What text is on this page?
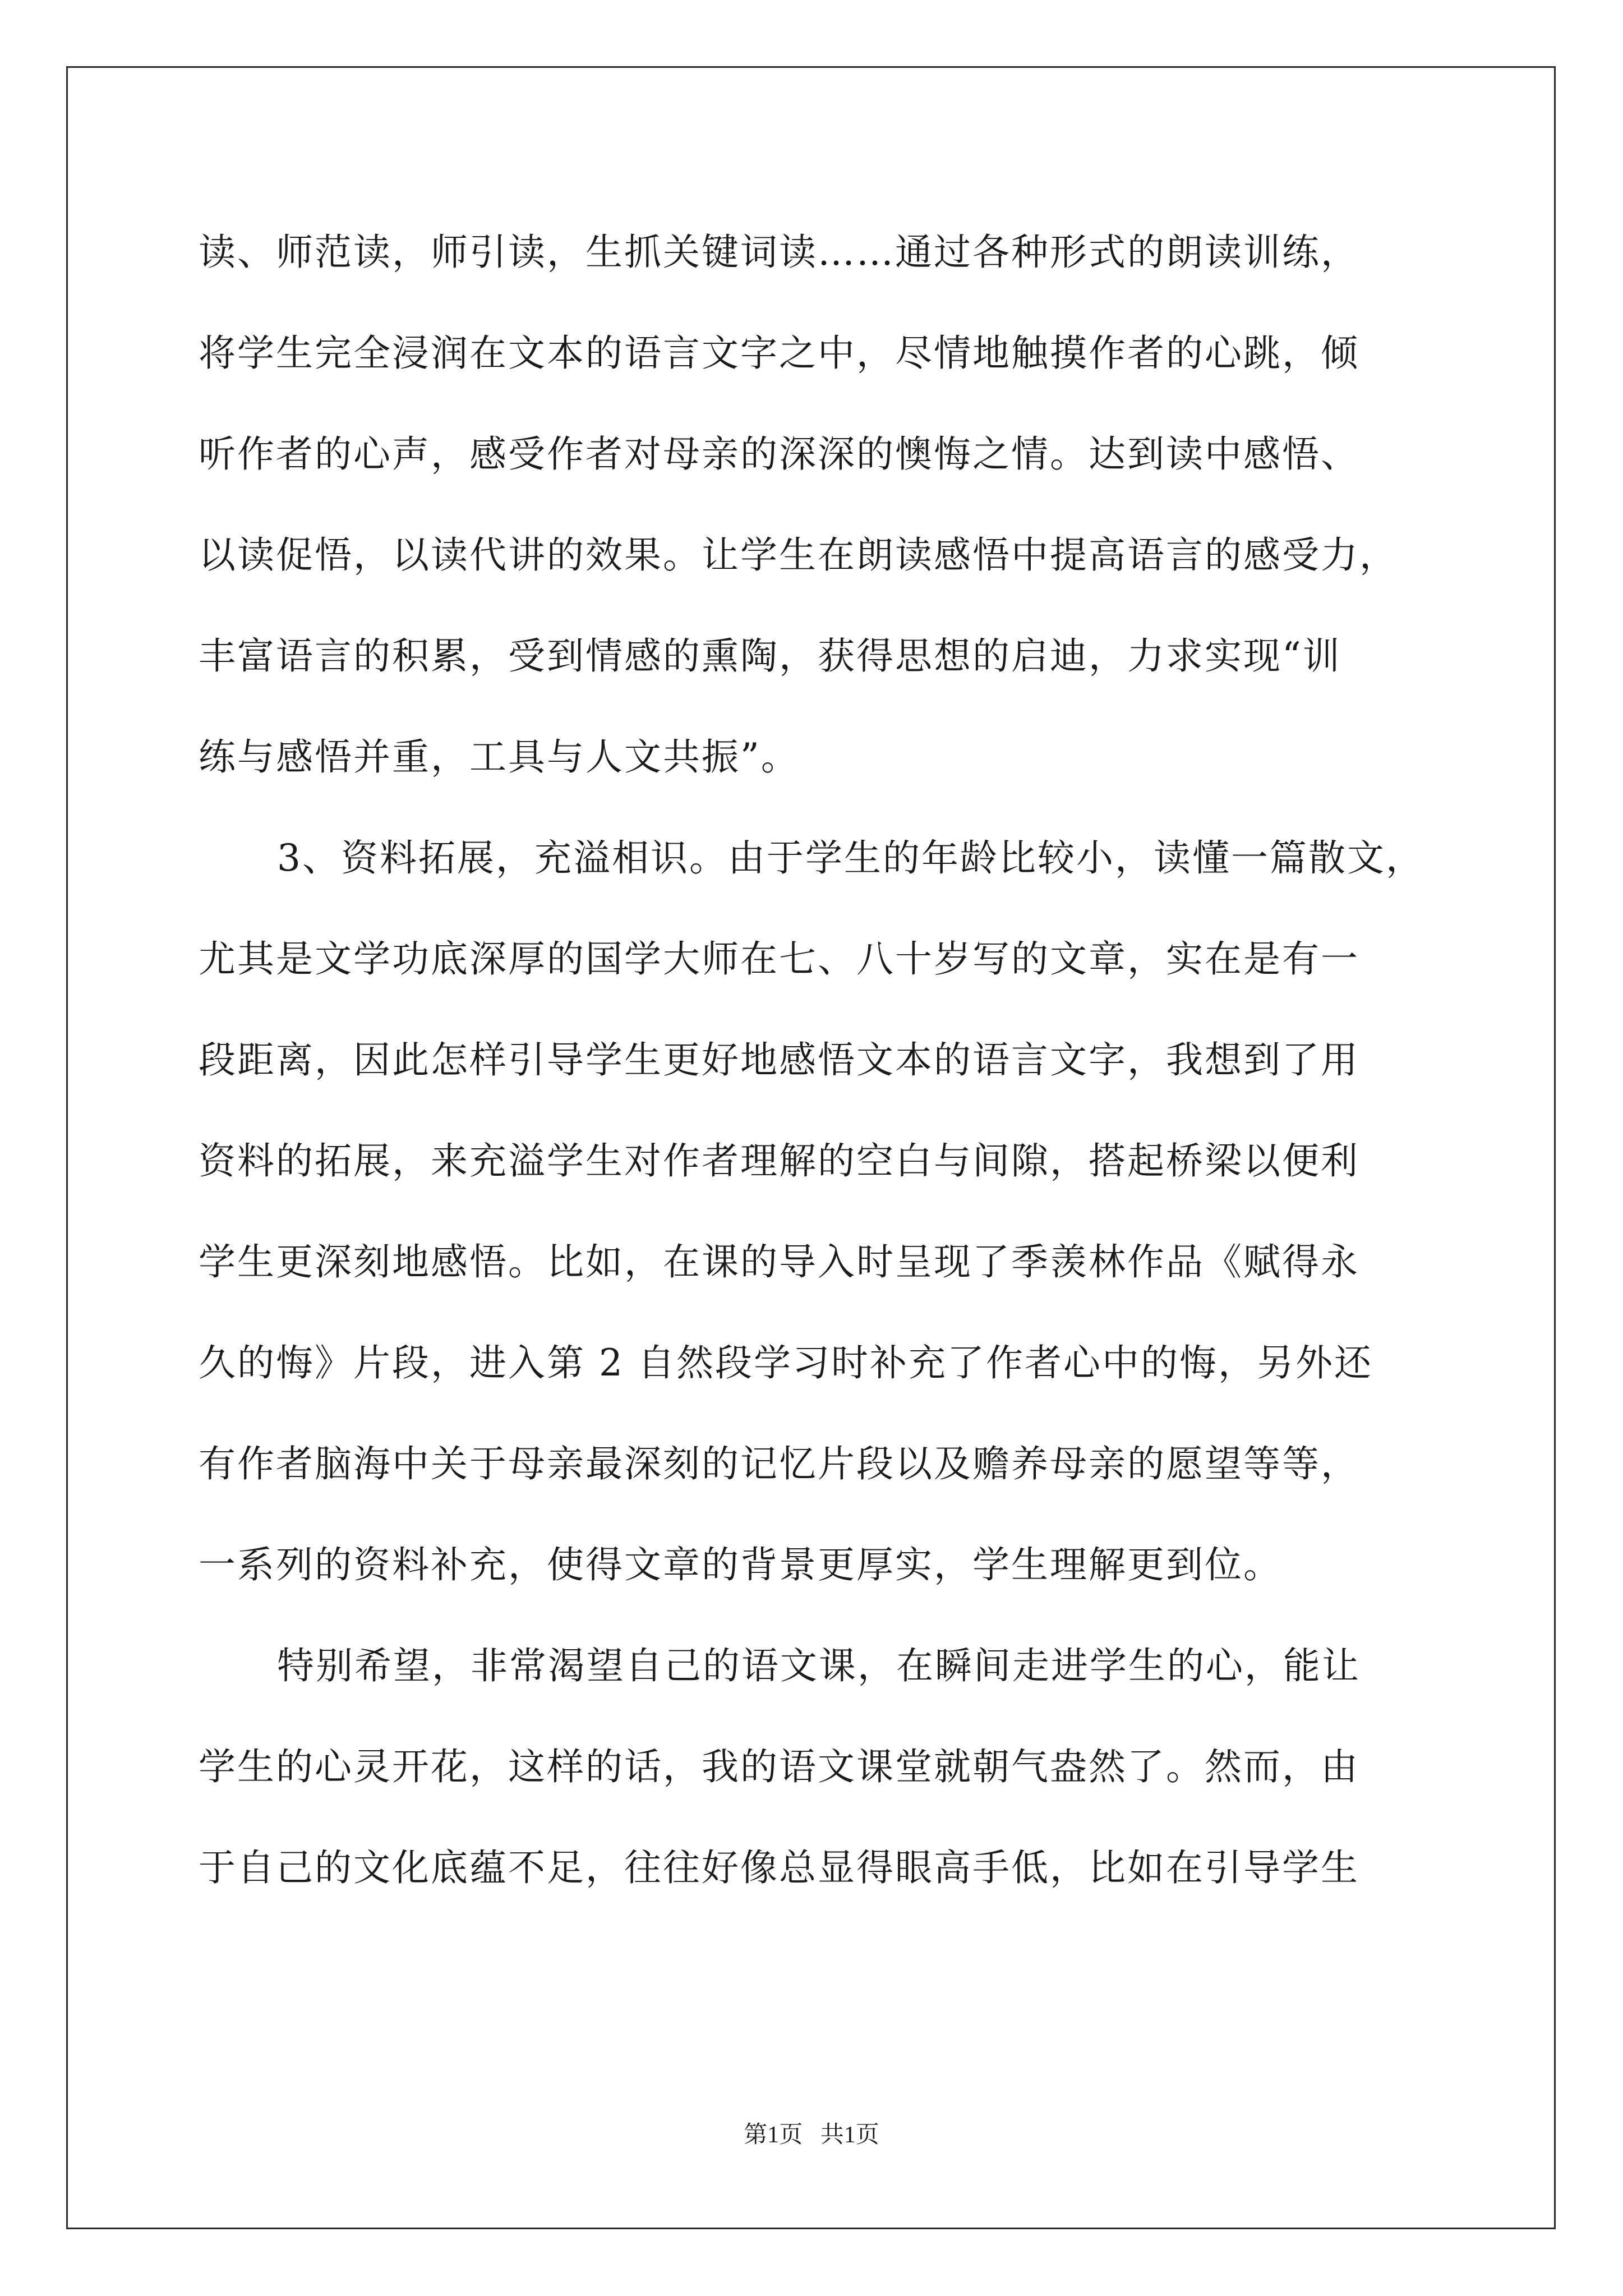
读、师范读，师引读，生抓关键词读……通过各种形式的朗读训练，
将学生完全浸润在文本的语言文字之中，尽情地触摸作者的心跳，倾
听作者的心声，感受作者对母亲的深深的懊悔之情。达到读中感悟、
以读促悟，以读代讲的效果。让学生在朗读感悟中提高语言的感受力，
丰富语言的积累，受到情感的熏陶，获得思想的启迪，力求实现“训
练与感悟并重，工具与人文共振”。
3、资料拓展，充溢相识。由于学生的年龄比较小，读懂一篇散文，
尤其是文学功底深厚的国学大师在七、八十岁写的文章，实在是有一
段距离，因此怎样引导学生更好地感悟文本的语言文字，我想到了用
资料的拓展，来充溢学生对作者理解的空白与间隙，搭起桥梁以便利
学生更深刻地感悟。比如，在课的导入时呈现了季羡林作品《赋得永
久的悔》片段，进入第 2 自然段学习时补充了作者心中的悔，另外还
有作者脑海中关于母亲最深刻的记忆片段以及赡养母亲的愿望等等，
一系列的资料补充，使得文章的背景更厚实，学生理解更到位。
特别希望，非常渴望自己的语文课，在瞬间走进学生的心，能让
学生的心灵开花，这样的话，我的语文课堂就朝气盎然了。然而，由
于自己的文化底蕴不足，往往好像总显得眼高手低，比如在引导学生
第1页   共1页
